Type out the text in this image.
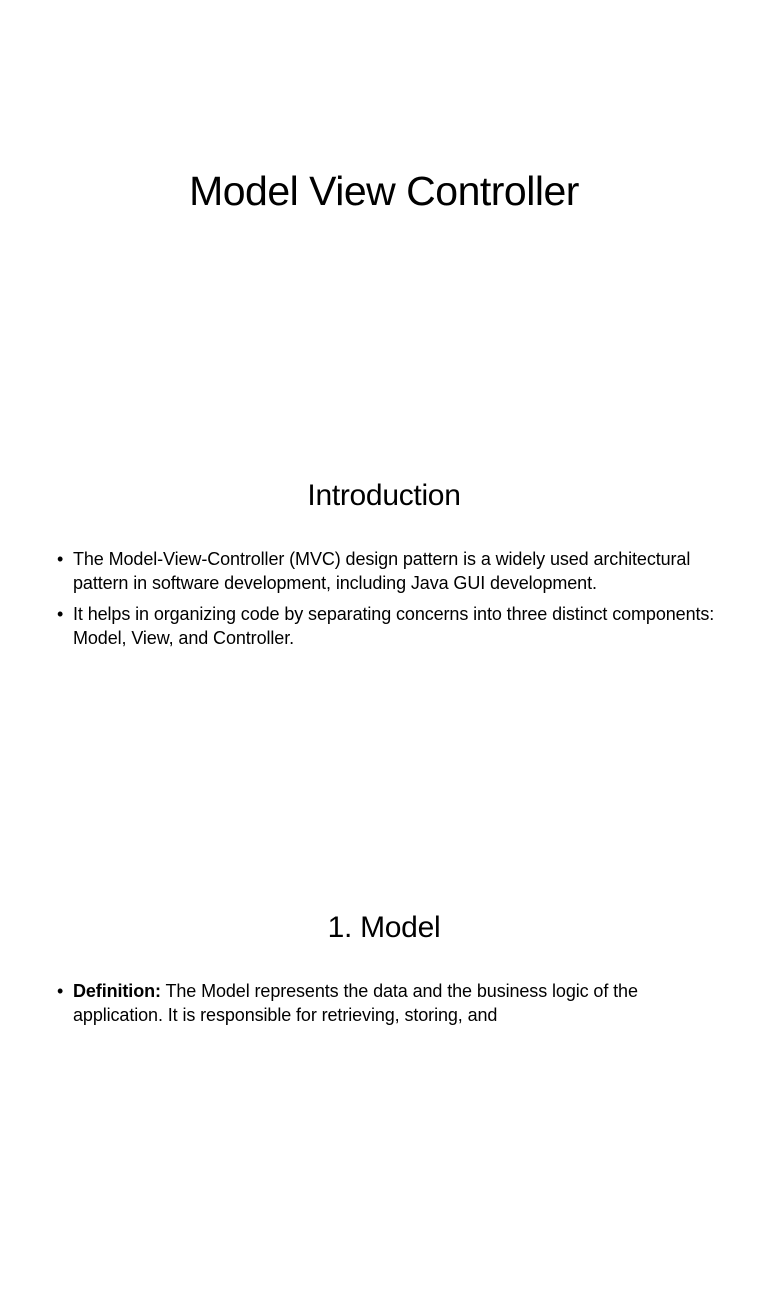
Model View Controller
Introduction
• The Model-View-Controller (MVC) design pattern is a widely used architectural pattern in software development, including Java GUI development.
• It helps in organizing code by separating concerns into three distinct components: Model, View, and Controller.
1. Model
• Definition: The Model represents the data and the business logic of the application. It is responsible for retrieving, storing, and
